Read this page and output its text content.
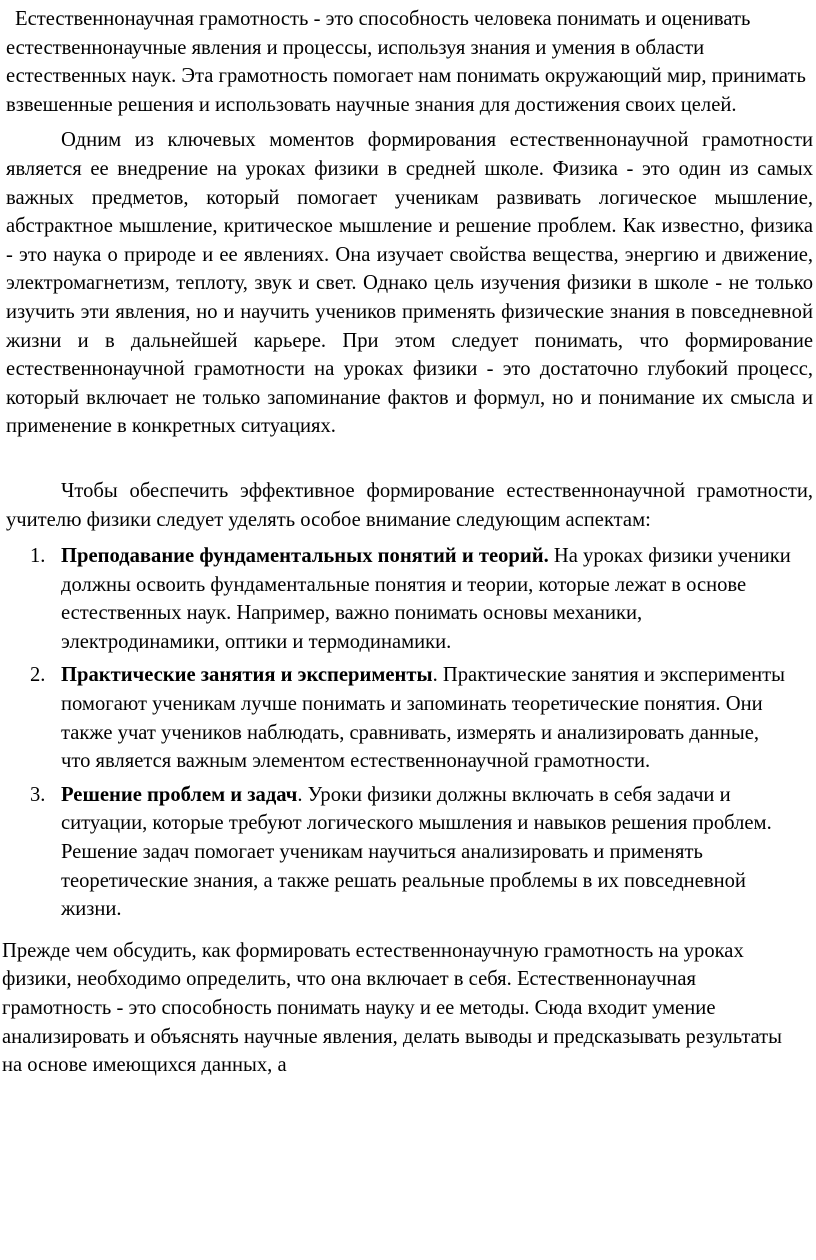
Естественнонаучная грамотность - это способность человека понимать и оценивать естественнонаучные явления и процессы, используя знания и умения в области естественных наук. Эта грамотность помогает нам понимать окружающий мир, принимать взвешенные решения и использовать научные знания для достижения своих целей.

Одним из ключевых моментов формирования естественнонаучной грамотности является ее внедрение на уроках физики в средней школе. Физика - это один из самых важных предметов, который помогает ученикам развивать логическое мышление, абстрактное мышление, критическое мышление и решение проблем. Как известно, физика - это наука о природе и ее явлениях. Она изучает свойства вещества, энергию и движение, электромагнетизм, теплоту, звук и свет. Однако цель изучения физики в школе - не только изучить эти явления, но и научить учеников применять физические знания в повседневной жизни и в дальнейшей карьере. При этом следует понимать, что формирование естественнонаучной грамотности на уроках физики - это достаточно глубокий процесс, который включает не только запоминание фактов и формул, но и понимание их смысла и применение в конкретных ситуациях.

Чтобы обеспечить эффективное формирование естественнонаучной грамотности, учителю физики следует уделять особое внимание следующим аспектам:

1. Преподавание фундаментальных понятий и теорий. На уроках физики ученики должны освоить фундаментальные понятия и теории, которые лежат в основе естественных наук. Например, важно понимать основы механики, электродинамики, оптики и термодинамики.
2. Практические занятия и эксперименты. Практические занятия и эксперименты помогают ученикам лучше понимать и запоминать теоретические понятия. Они также учат учеников наблюдать, сравнивать, измерять и анализировать данные, что является важным элементом естественнонаучной грамотности.
3. Решение проблем и задач. Уроки физики должны включать в себя задачи и ситуации, которые требуют логического мышления и навыков решения проблем. Решение задач помогает ученикам научиться анализировать и применять теоретические знания, а также решать реальные проблемы в их повседневной жизни.

Прежде чем обсудить, как формировать естественнонаучную грамотность на уроках физики, необходимо определить, что она включает в себя. Естественнонаучная грамотность - это способность понимать науку и ее методы. Сюда входит умение анализировать и объяснять научные явления, делать выводы и предсказывать результаты на основе имеющихся данных, а
